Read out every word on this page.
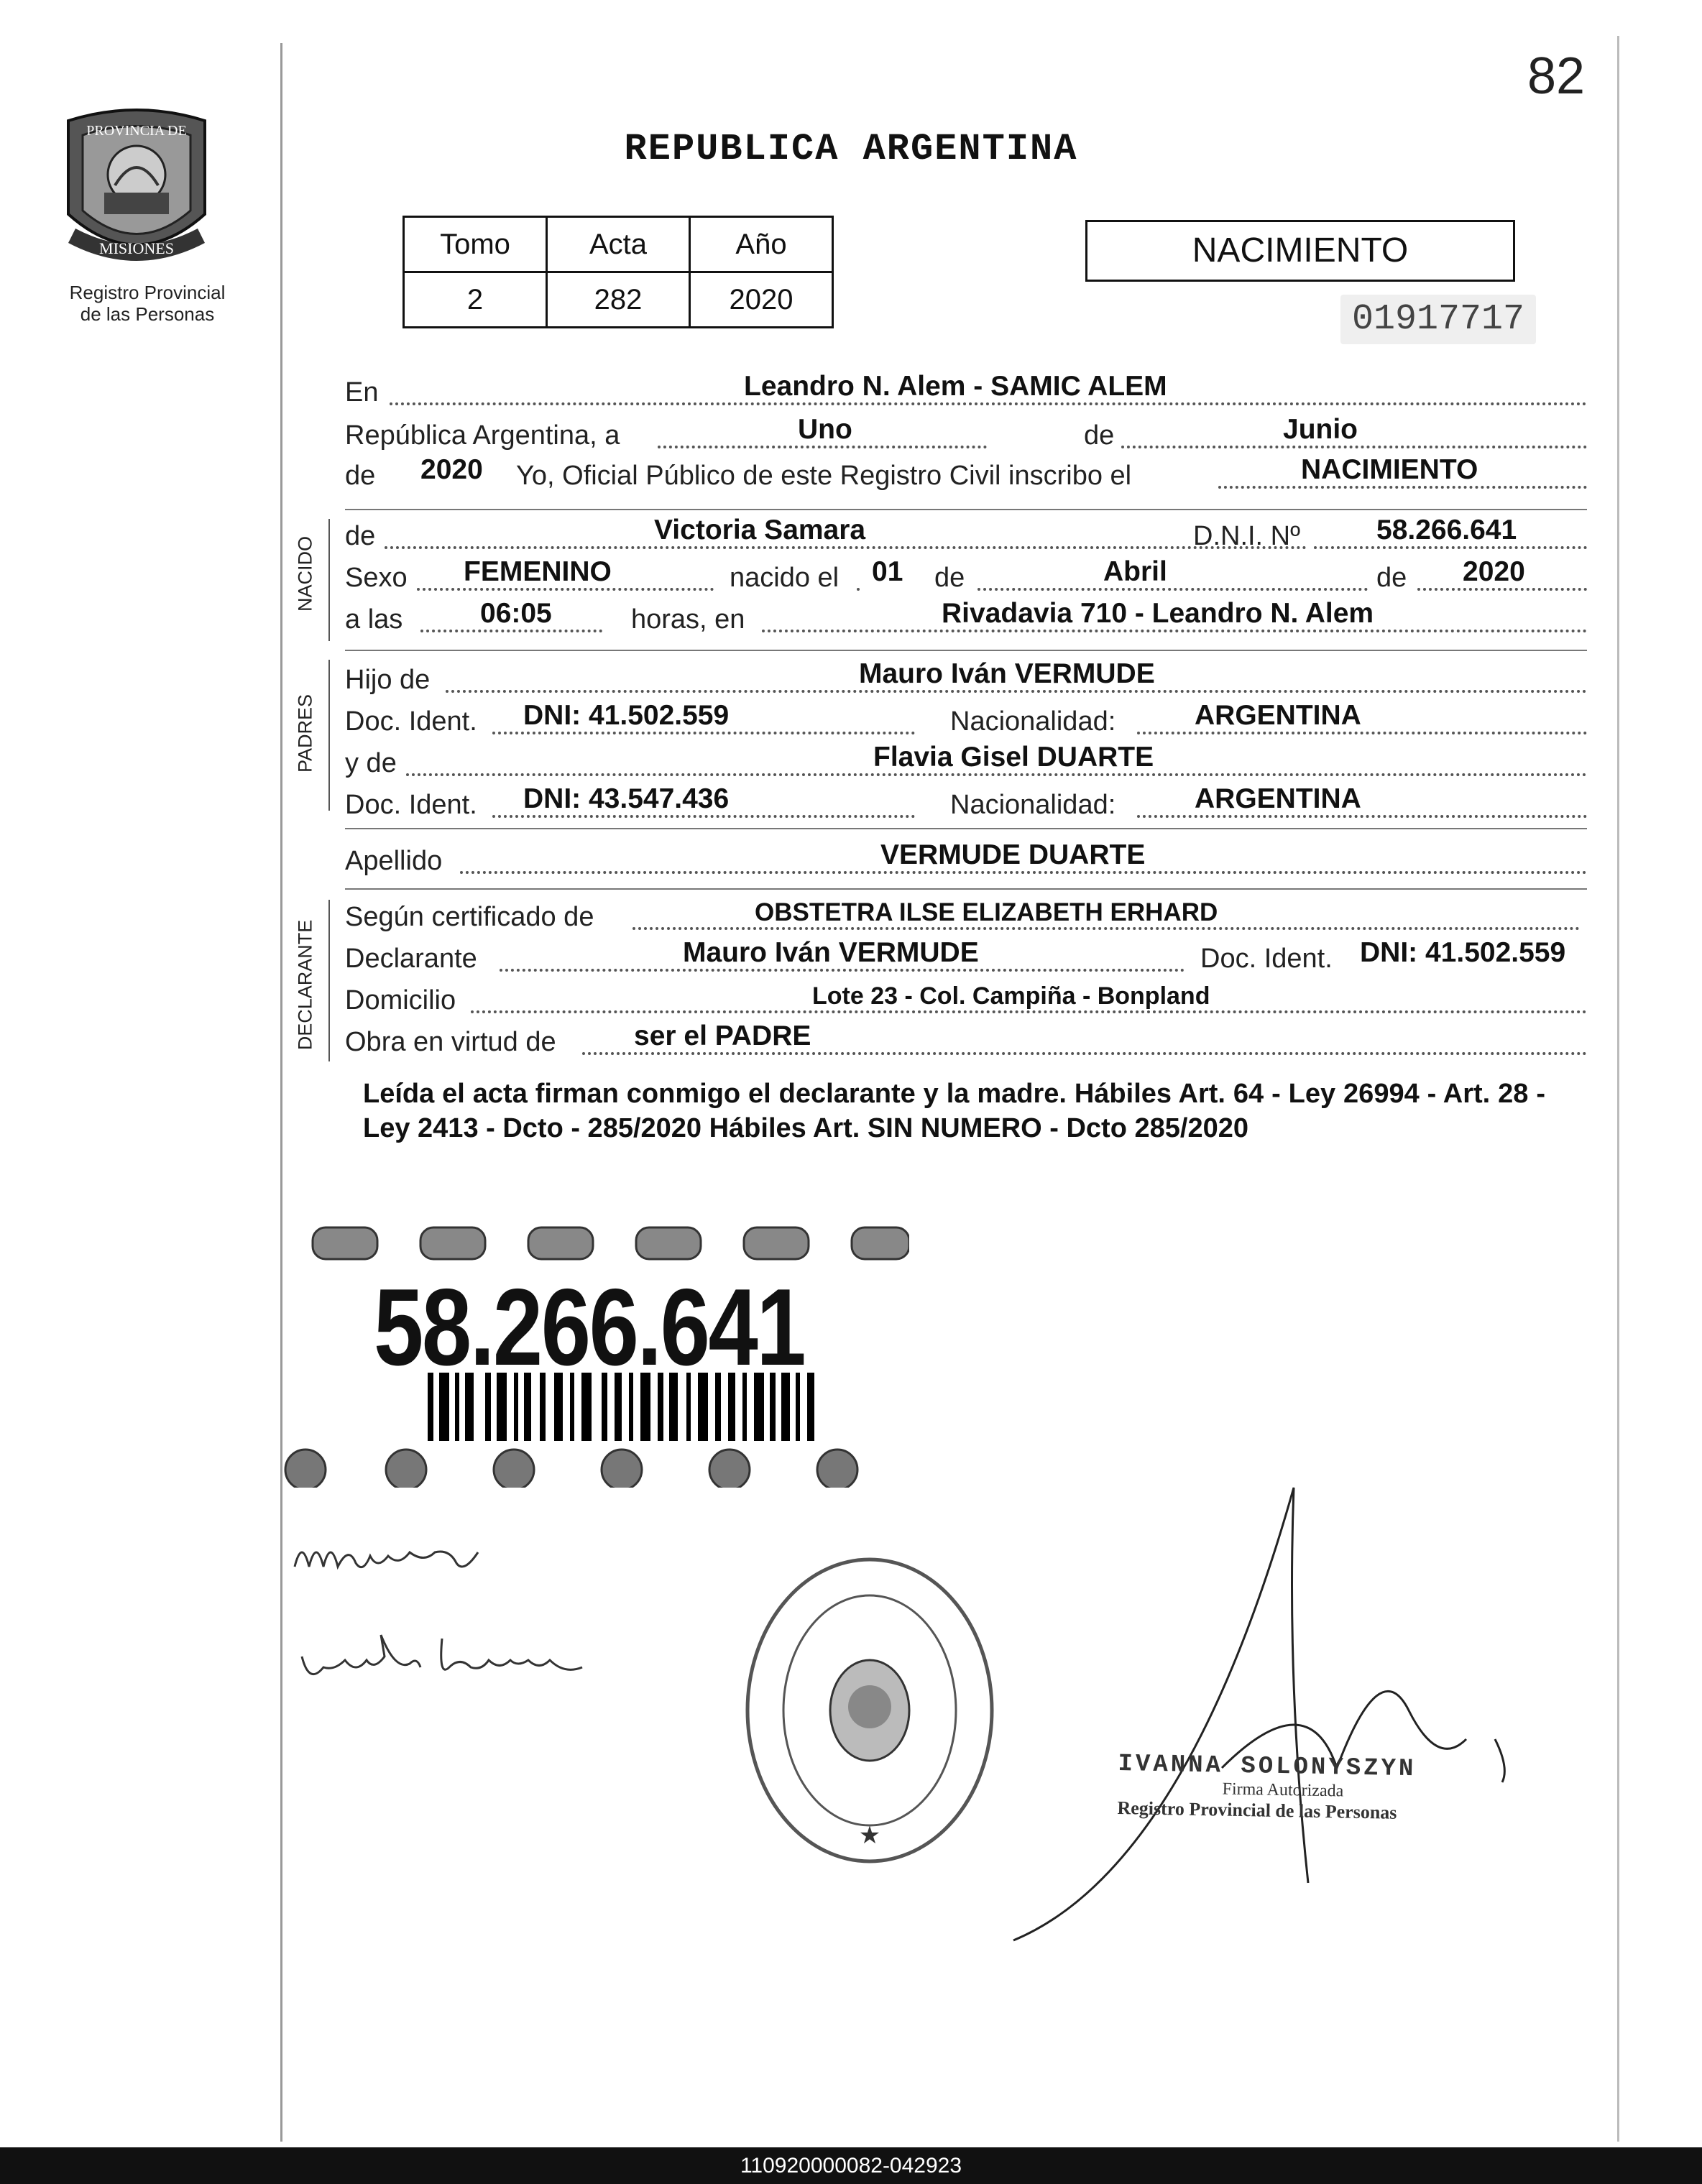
82
PROVINCIA DE
MISIONES
Registro Provincial
de las Personas
REPUBLICA ARGENTINA
Tomo	Acta	Año
2	282	2020
NACIMIENTO
01917717
En	Leandro N. Alem - SAMIC ALEM
República Argentina, a	Uno	de	Junio
de 2020 Yo, Oficial Público de este Registro Civil inscribo el	NACIMIENTO
NACIDO de	Victoria Samara	D.N.I. Nº	58.266.641
Sexo FEMENINO	nacido el 01 de	Abril	de 2020
a las	06:05	horas, en	Rivadavia 710 - Leandro N. Alem
PADRES
Hijo de	Mauro Iván VERMUDE
Doc. Ident. DNI: 41.502.559	Nacionalidad:	ARGENTINA
y de	Flavia Gisel DUARTE
Doc. Ident. DNI: 43.547.436	Nacionalidad:	ARGENTINA
Apellido	VERMUDE DUARTE
DECLARANTE
Según certificado de	OBSTETRA ILSE ELIZABETH ERHARD
Declarante	Mauro Iván VERMUDE	Doc. Ident. DNI: 41.502.559
Domicilio	Lote 23 - Col. Campiña - Bonpland
Obra en virtud de	ser el PADRE
Leída el acta firman conmigo el declarante y la madre. Hábiles Art. 64 - Ley 26994 - Art. 28 - Ley 2413 - Dcto - 285/2020 Hábiles Art. SIN NUMERO - Dcto 285/2020
58.266.641
★
IVANNA SOLONYSZYN
Firma Autorizada
Registro Provincial de las Personas
110920000082-042923
